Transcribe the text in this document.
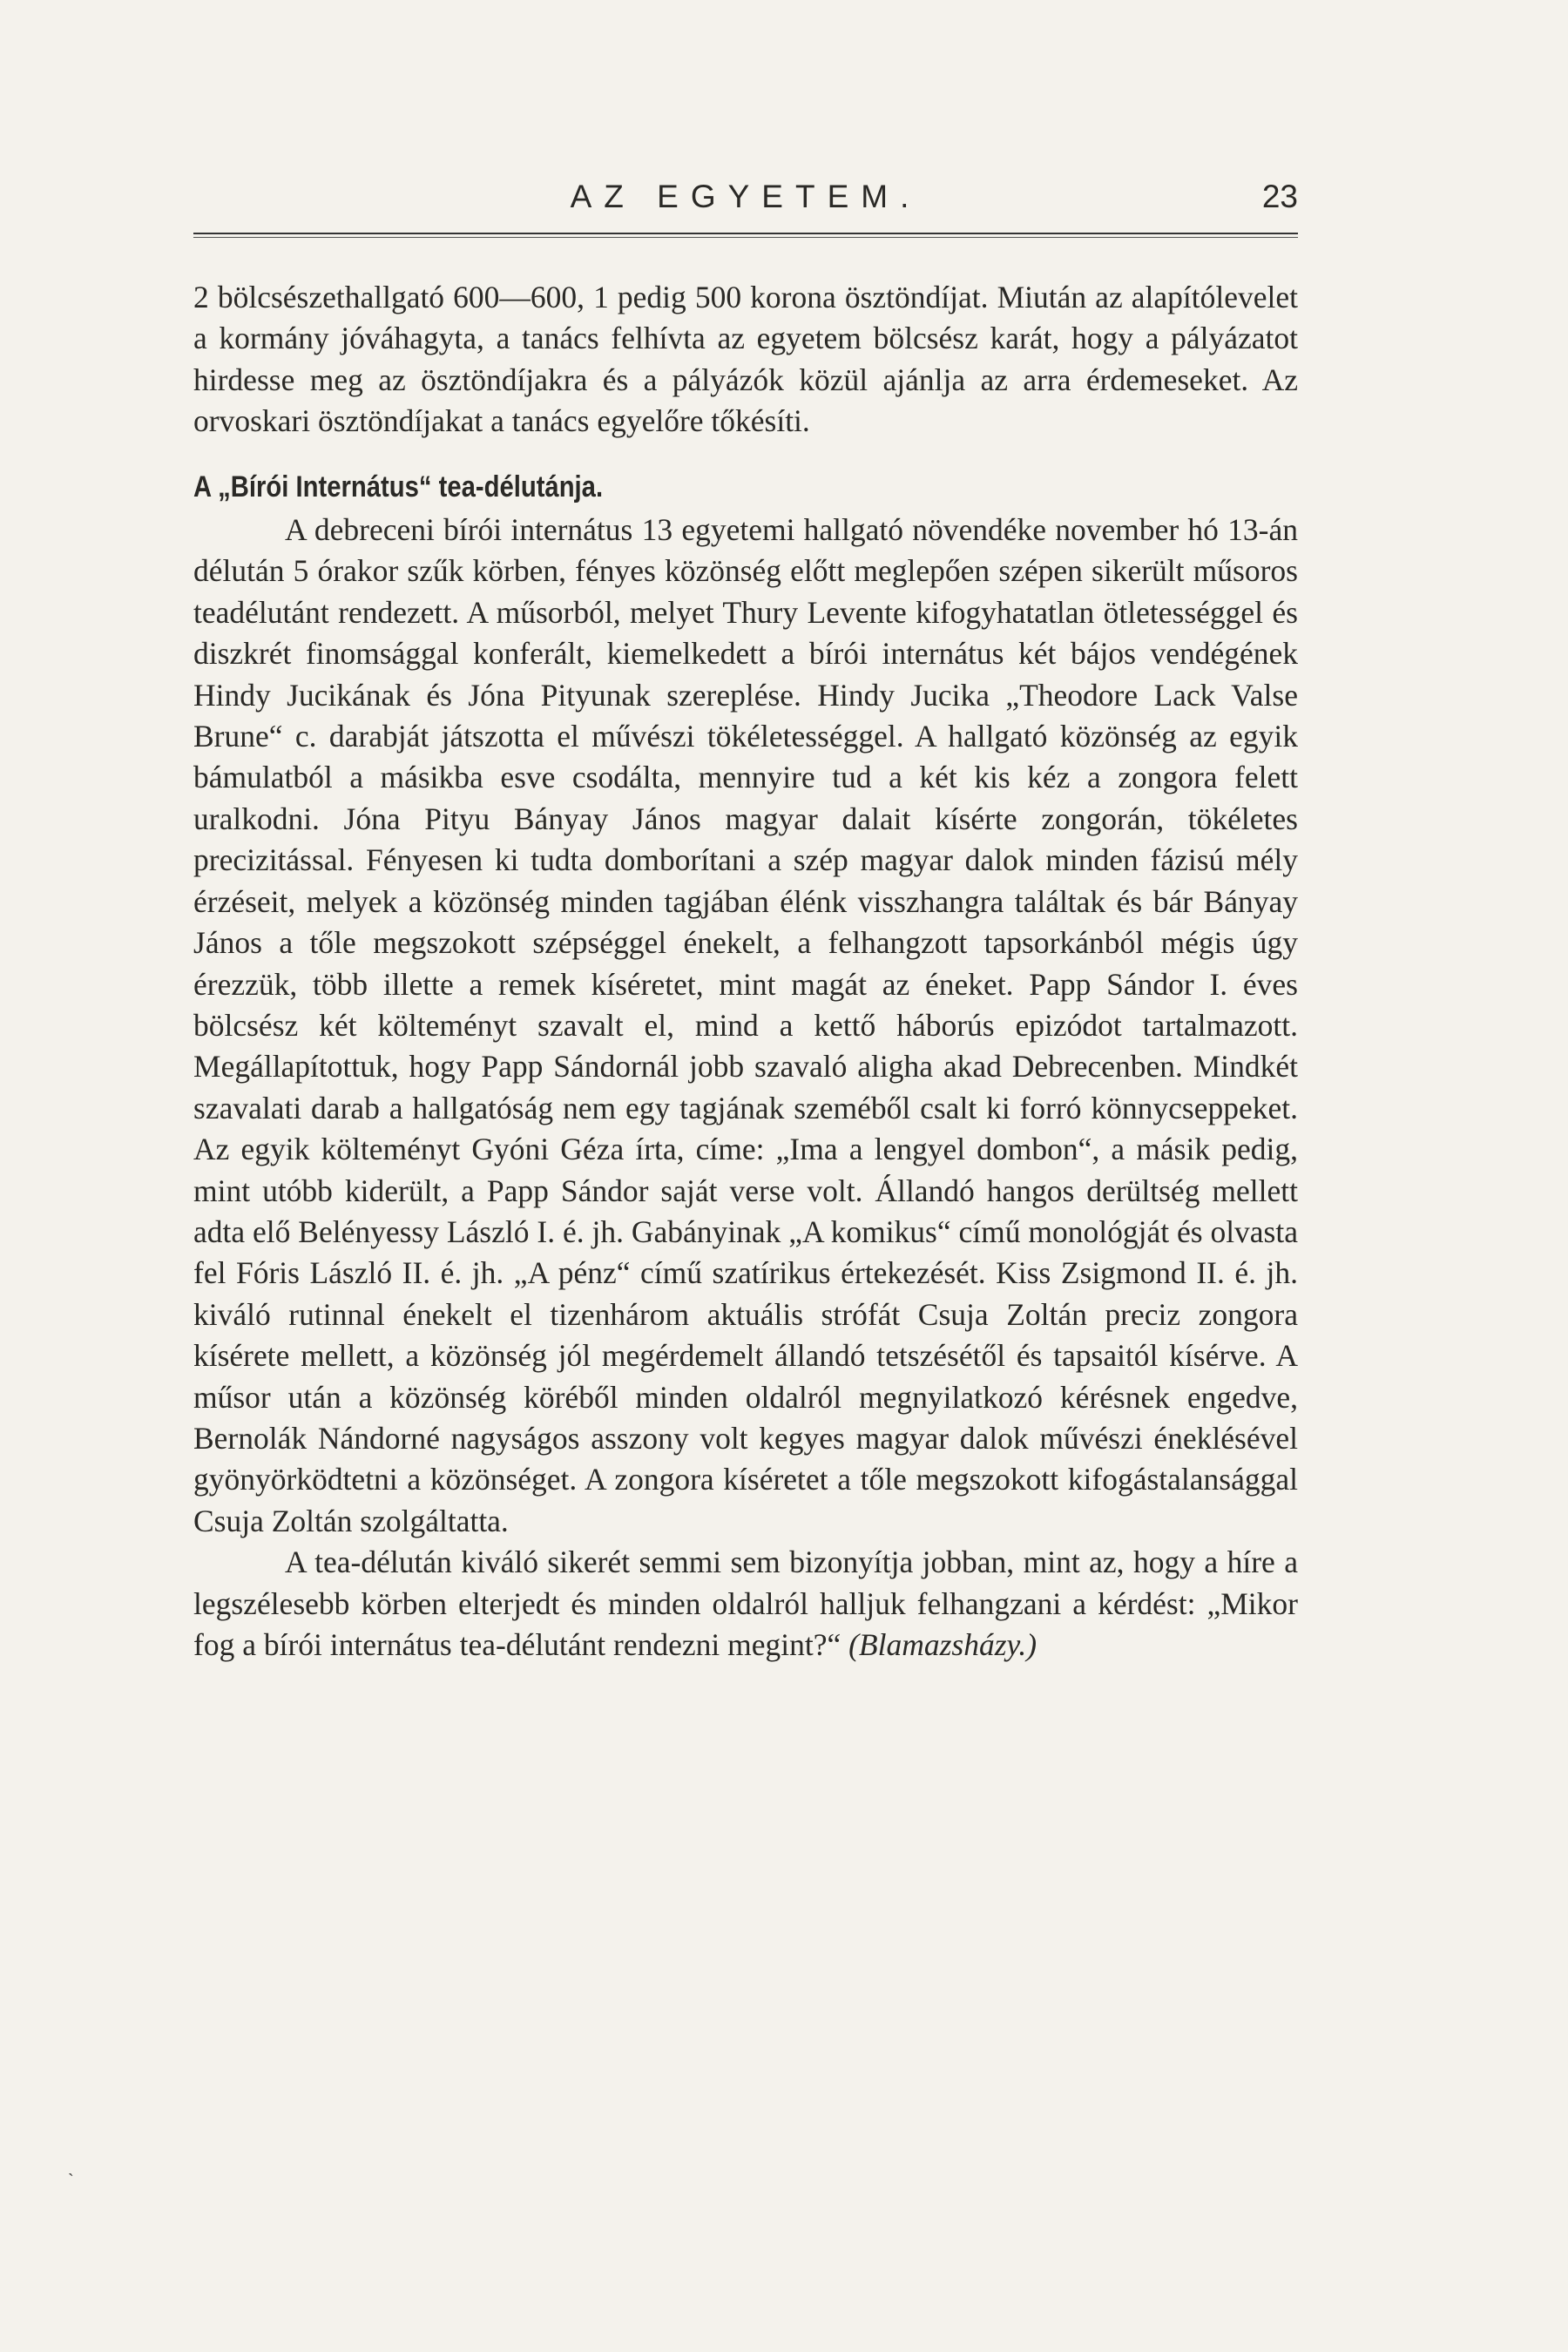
AZ EGYETEM.	23

2 bölcsészethallgató 600—600, 1 pedig 500 korona ösztöndíjat. Miután az alapítólevelet a kormány jóváhagyta, a tanács felhívta az egyetem bölcsész karát, hogy a pályázatot hirdesse meg az ösztöndíjakra és a pályázók közül ajánlja az arra érdemeseket. Az orvoskari ösztöndíjakat a tanács egyelőre tőkésíti.

A „Bírói Internátus“ tea-délutánja.

A debreceni bírói internátus 13 egyetemi hallgató növendéke november hó 13-án délután 5 órakor szűk körben, fényes közönség előtt meglepően szépen sikerült műsoros teadélutánt rendezett. A műsorból, melyet Thury Levente kifogyhatatlan ötletességgel és diszkrét finomsággal konferált, kiemelkedett a bírói internátus két bájos vendégének Hindy Jucikának és Jóna Pityunak szereplése. Hindy Jucika „Theodore Lack Valse Brune“ c. darabját játszotta el művészi tökéletességgel. A hallgató közönség az egyik bámulatból a másikba esve csodálta, mennyire tud a két kis kéz a zongora felett uralkodni. Jóna Pityu Bányay János magyar dalait kísérte zongorán, tökéletes precizitással. Fényesen ki tudta domborítani a szép magyar dalok minden fázisú mély érzéseit, melyek a közönség minden tagjában élénk visszhangra találtak és bár Bányay János a tőle megszokott szépséggel énekelt, a felhangzott tapsorkánból mégis úgy érezzük, több illette a remek kíséretet, mint magát az éneket. Papp Sándor I. éves bölcsész két költeményt szavalt el, mind a kettő háborús epizódot tartalmazott. Megállapítottuk, hogy Papp Sándornál jobb szavaló aligha akad Debrecenben. Mindkét szavalati darab a hallgatóság nem egy tagjának szeméből csalt ki forró könnycseppeket. Az egyik költeményt Gyóni Géza írta, címe: „Ima a lengyel dombon“, a másik pedig, mint utóbb kiderült, a Papp Sándor saját verse volt. Állandó hangos derültség mellett adta elő Belényessy László I. é. jh. Gabányinak „A komikus“ című monológját és olvasta fel Fóris László II. é. jh. „A pénz“ című szatírikus értekezését. Kiss Zsigmond II. é. jh. kiváló rutinnal énekelt el tizenhárom aktuális strófát Csuja Zoltán preciz zongora kísérete mellett, a közönség jól megérdemelt állandó tetszésétől és tapsaitól kísérve. A műsor után a közönség köréből minden oldalról megnyilatkozó kérésnek engedve, Bernolák Nándorné nagyságos asszony volt kegyes magyar dalok művészi éneklésével gyönyörködtetni a közönséget. A zongora kíséretet a tőle megszokott kifogástalansággal Csuja Zoltán szolgáltatta.

A tea-délután kiváló sikerét semmi sem bizonyítja jobban, mint az, hogy a híre a legszélesebb körben elterjedt és minden oldalról halljuk felhangzani a kérdést: „Mikor fog a bírói internátus tea-délutánt rendezni megint?“ (Blamazsházy.)

˴
